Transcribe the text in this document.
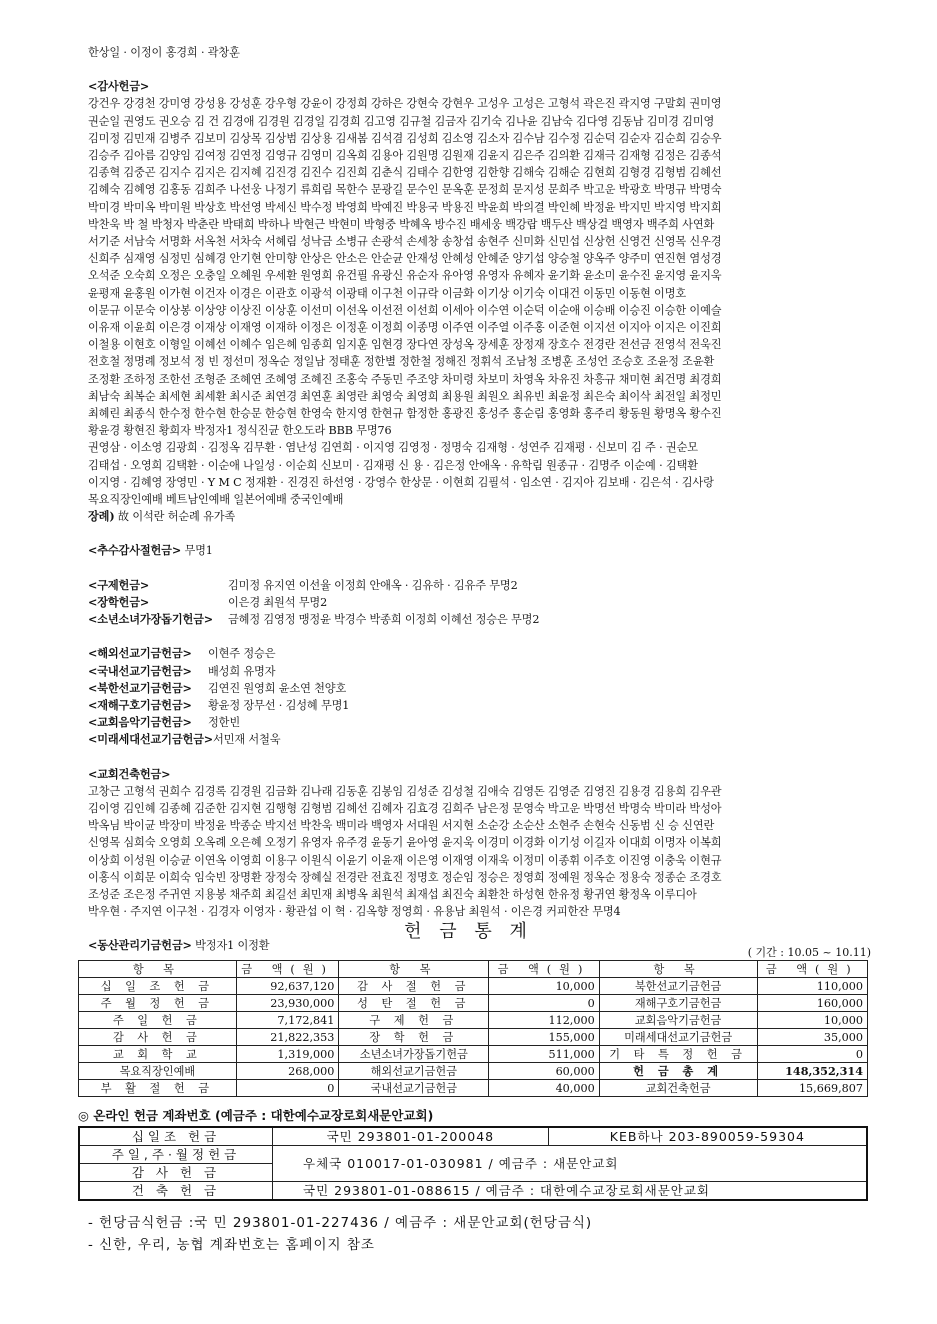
한상일 · 이정이 홍경희 · 곽창훈
<감사헌금>
강건우 강경천 강미영 강성용 강성훈 강우형 강윤이 강정희 강하은 강현숙 강현우 고성우 고성은 고형석 곽은진 곽지영 구말회 권미영
권순일 권영도 권오승 김 건 김경애 김경원 김경일 김경희 김고영 김규철 김금자 김기숙 김나윤 김남숙 김다영 김동남 김미경 김미영
김미정 김민재 김병주 김보미 김상목 김상범 김상용 김새봄 김석겸 김성희 김소영 김소자 김수남 김수정 김순덕 김순자 김순희 김승우
김승주 김아름 김양임 김여정 김연정 김영규 김영미 김옥희 김용아 김원명 김원재 김윤지 김은주 김의환 김재극 김재형 김정은 김종석
김종혁 김중곤 김지수 김지은 김지혜 김진경 김진수 김진희 김춘식 김태수 김한영 김한향 김해숙 김해순 김현희 김형경 김형범 김혜선
김혜숙 김혜영 김홍동 김희주 나선웅 나정기 류희림 목한수 문광길 문수인 문옥훈 문정희 문지성 문희주 박고운 박광호 박명규 박명숙
박미경 박미옥 박미원 박상호 박선영 박세신 박수정 박영희 박예진 박용국 박용진 박윤희 박의결 박인혜 박정윤 박지민 박지영 박지희
박찬욱 박 철 박청자 박춘란 박태희 박하나 박현근 박현미 박형중 박혜옥 방수진 배세웅 백강랍 백두산 백상걸 백영자 백주희 사연화
서기준 서남숙 서명화 서옥천 서차숙 서혜림 성낙금 소병규 손광석 손세창 송창섭 송현주 신미화 신민섭 신상헌 신영건 신영목 신우경
신희주 심재영 심정민 심혜경 안기현 안미향 안상은 안소은 안순균 안재성 안혜성 안혜준 양기섭 양승철 양옥주 양주미 연진현 염성경
오석준 오숙희 오정은 오충일 오혜원 우세환 원영희 유건필 유광신 유순자 유아영 유영자 유혜자 윤기화 윤소미 윤수진 윤지영 윤지욱
윤평재 윤홍원 이가현 이건자 이경은 이관호 이광석 이광태 이구천 이규락 이금화 이기상 이기숙 이대건 이동민 이동현 이명호
이문규 이문숙 이상봉 이상양 이상진 이상훈 이선미 이선옥 이선전 이선희 이세아 이수연 이순덕 이순애 이승배 이승진 이승한 이예슬
이유재 이윤희 이은경 이재상 이재영 이재하 이정은 이정훈 이정희 이종명 이주연 이주열 이주홍 이준현 이지선 이지아 이지은 이진희
이철용 이현호 이형일 이혜선 이혜수 임은혜 임종희 임지훈 임현경 장다연 장성옥 장세훈 장정재 장호수 전경란 전선금 전영석 전욱진
전호철 정명례 정보석 정 빈 정선미 정옥순 정일남 정태훈 정한별 정한철 정해진 정휘석 조남청 조병훈 조성언 조승호 조윤정 조윤환
조정환 조하정 조한선 조형준 조혜연 조혜영 조혜진 조홍숙 주동민 주조양 차미령 차보미 차영옥 차유진 차흥규 채미현 최건명 최경희
최남숙 최복순 최세현 최세환 최시준 최연경 최연훈 최영란 최영숙 최영희 최용원 최원오 최유빈 최윤정 최은숙 최이삭 최전일 최정민
최혜린 최종식 한수정 한수현 한승문 한승현 한영숙 한지영 한현규 함정한 홍광진 홍성주 홍순림 홍영화 홍주리 황동원 황명옥 황수진
황윤경 황현진 황희자 박정자1 정식진균 한오도라 BBB 무명76
권영삼 · 이소영 김광희 · 김정옥 김무환 · 염난성 김연희 · 이지영 김영정 · 정명숙 김재형 · 성연주 김재평 · 신보미 김 주 · 권순모
김태섭 · 오영희 김택환 · 이순애 나일성 · 이순희 신보미 · 김재평 신 용 · 김은정 안애옥 · 유학림 원종규 · 김명주 이순예 · 김택환
이지영 · 김혜영 장영민 · Y M C 정재환 · 진경진 하선영 · 강영수 한상문 · 이현희 김필석 · 임소연 · 김지아 김보배 · 김은석 · 김사랑
목요직장인예배 베트남인예배 일본어예배 중국인예배
장례) 故 이석란 허순례 유가족
<추수감사절헌금> 무명1
<구제헌금>	김미정 유지연 이선율 이정희 안애옥 · 김유하 · 김유주 무명2
<장학헌금>	이은경 최원석 무명2
<소년소녀가장돕기헌금> 금혜정 김영정 맹정윤 박경수 박종희 이정희 이혜선 정승은 무명2
<해외선교기금헌금> 이현주 정승은
<국내선교기금헌금> 배성희 유명자
<북한선교기금헌금> 김연진 원영희 윤소연 천양호
<재해구호기금헌금> 황윤정 장무선 · 김성혜 무명1
<교회음악기금헌금> 정한빈
<미래세대선교기금헌금>서민재 서철욱
<교회건축헌금>
고창근 고형석 권희수 김경록 김경원 김금화 김나래 김동훈 김봉임 김성준 김성철 김애숙 김영돈 김영준 김영진 김용경 김용희 김우관
김이영 김인혜 김종혜 김준한 김지현 김행형 김형범 김혜선 김혜자 김효경 김희주 남은정 문영숙 박고운 박명선 박명숙 박미라 박성아
박옥님 박이균 박장미 박정윤 박종순 박지선 박찬욱 백미라 백영자 서대원 서지현 소순강 소순산 소현주 손현숙 신동범 신 승 신연란
신영목 심희숙 오영희 오옥례 오은혜 오정기 유영자 유주경 윤동기 윤아영 윤지욱 이경미 이경화 이기성 이길자 이대희 이명자 이복희
이상희 이성원 이승균 이연옥 이영희 이용구 이원식 이윤기 이윤재 이은영 이재영 이재욱 이정미 이종휘 이주호 이진영 이충욱 이현규
이홍식 이희문 이희숙 임숙빈 장명환 장정숙 장혜실 전경란 전효진 정명호 정순임 정승은 정영희 정예원 정옥순 정용숙 정종순 조경호
조성준 조은정 주귀연 지용봉 채주희 최길선 최민재 최병옥 최원석 최재섭 최진숙 최환찬 하성현 한유정 황귀연 황정옥 이루디아
박우현 · 주지연 이구천 · 김경자 이영자 · 황관섭 이 혁 · 김옥향 정영희 · 유용남 최원석 · 이은경 커피한잔 무명4
<동산관리기금헌금> 박정자1 이정환
헌 금 통 계
( 기간 : 10.05 ~ 10.11)
항 목	금 액(원)	항 목	금 액(원)	항 목	금 액(원)
십 일 조 헌 금	92,637,120	감 사 절 헌 금	10,000	북한선교기금헌금	110,000
주 월 정 헌 금	23,930,000	성 탄 절 헌 금	0	재해구호기금헌금	160,000
주 일 헌 금	7,172,841	구 제 헌 금	112,000	교회음악기금헌금	10,000
감 사 헌 금	21,822,353	장 학 헌 금	155,000	미래세대선교기금헌금	35,000
교 회 학 교	1,319,000	소년소녀가장돕기헌금	511,000	기 타 특 정 헌 금	0
목요직장인예배	268,000	해외선교기금헌금	60,000	헌 금 총 계	148,352,314
부 활 절 헌 금	0	국내선교기금헌금	40,000	교회건축헌금	15,669,807
◎ 온라인 헌금 계좌번호 (예금주 : 대한예수교장로회새문안교회)
십일조 헌금	국민 293801-01-200048	KEB하나 203-890059-59304
주일,주·월정헌금	우체국 010017-01-030981 / 예금주 : 새문안교회	
감 사 헌 금		
건 축 헌 금	국민 293801-01-088615 / 예금주 : 대한예수교장로회새문안교회	
- 헌당금식헌금 :국 민 293801-01-227436 / 예금주 : 새문안교회(헌당금식)
- 신한, 우리, 농협 계좌번호는 홈페이지 참조
